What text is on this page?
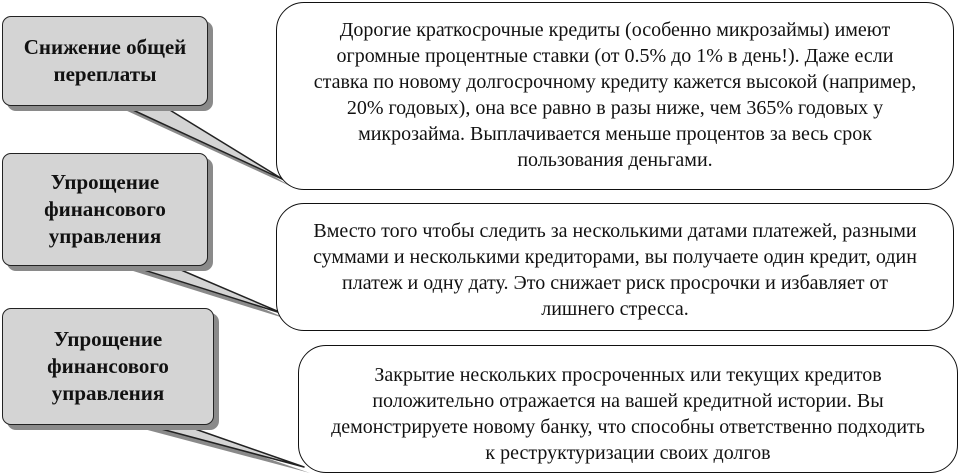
Снижение общей переплаты
Упрощение финансового управления
Упрощение финансового управления

Дорогие краткосрочные кредиты (особенно микрозаймы) имеют огромные процентные ставки (от 0.5% до 1% в день!). Даже если ставка по новому долгосрочному кредиту кажется высокой (например, 20% годовых), она все равно в разы ниже, чем 365% годовых у микрозайма. Выплачивается меньше процентов за весь срок пользования деньгами.

Вместо того чтобы следить за несколькими датами платежей, разными суммами и несколькими кредиторами, вы получаете один кредит, один платеж и одну дату. Это снижает риск просрочки и избавляет от лишнего стресса.

Закрытие нескольких просроченных или текущих кредитов положительно отражается на вашей кредитной истории. Вы демонстрируете новому банку, что способны ответственно подходить к реструктуризации своих долгов
